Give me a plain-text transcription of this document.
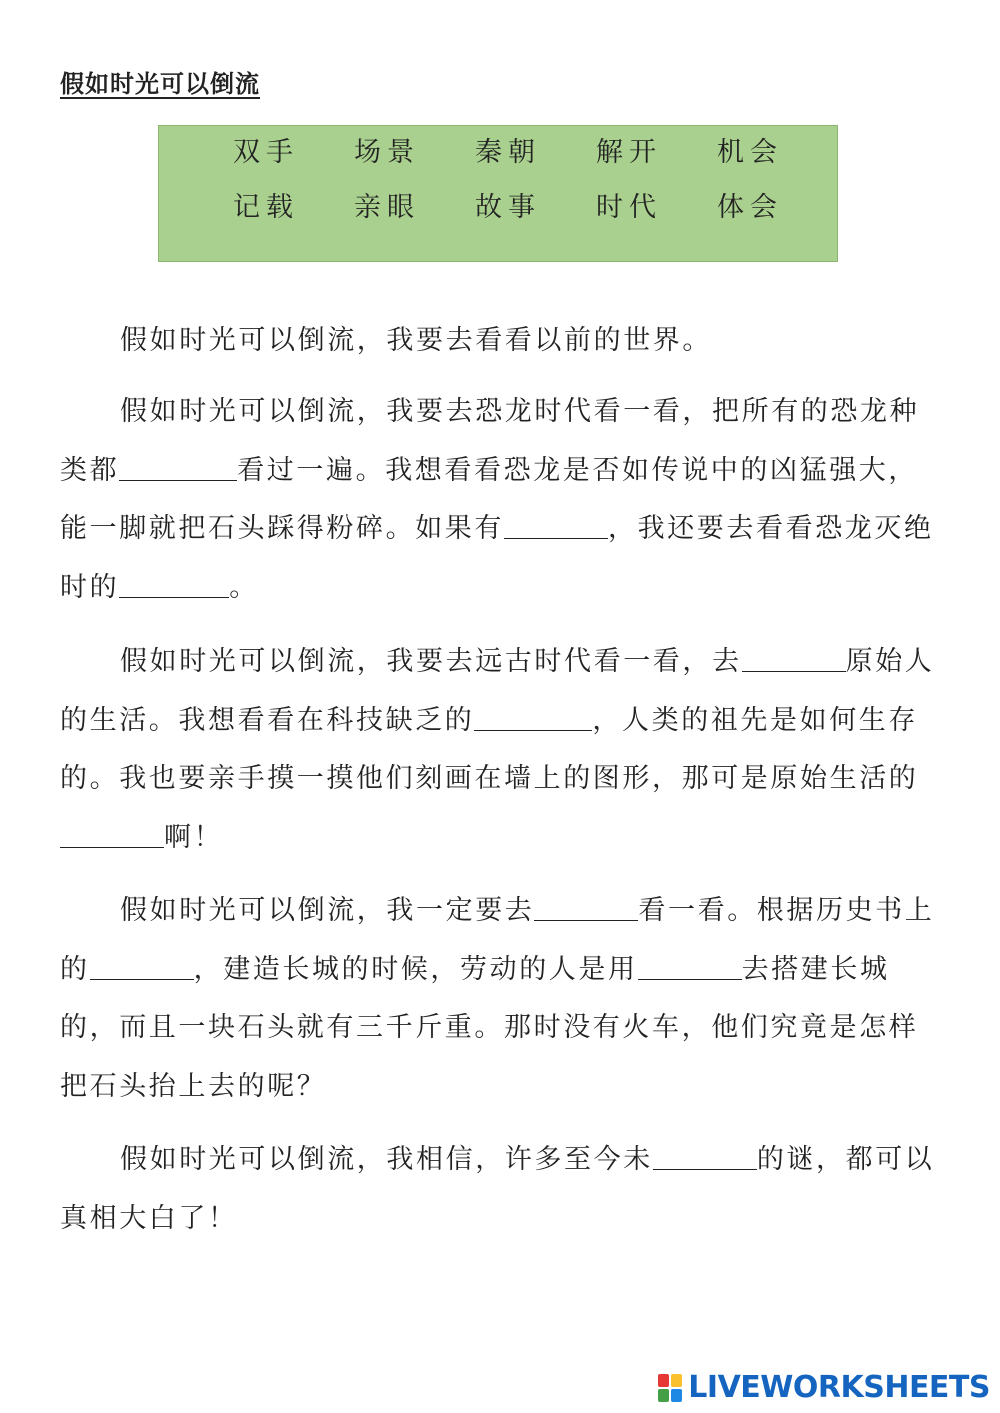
假如时光可以倒流
双手	场景	秦朝	解开	机会
记载	亲眼	故事	时代	体会
假如时光可以倒流，我要去看看以前的世界。
假如时光可以倒流，我要去恐龙时代看一看，把所有的恐龙种类都	看过一遍。我想看看恐龙是否如传说中的凶猛强大，能一脚就把石头踩得粉碎。如果有	，我还要去看看恐龙灭绝时的	。
假如时光可以倒流，我要去远古时代看一看，去	原始人的生活。我想看看在科技缺乏的	，人类的祖先是如何生存的。我也要亲手摸一摸他们刻画在墙上的图形，那可是原始生活的啊！
假如时光可以倒流，我一定要去	看一看。根据历史书上的	，建造长城的时候，劳动的人是用	去搭建长城的，而且一块石头就有三千斤重。那时没有火车，他们究竟是怎样把石头抬上去的呢？
假如时光可以倒流，我相信，许多至今未	的谜，都可以真相大白了！
LIVEWORKSHEETS
